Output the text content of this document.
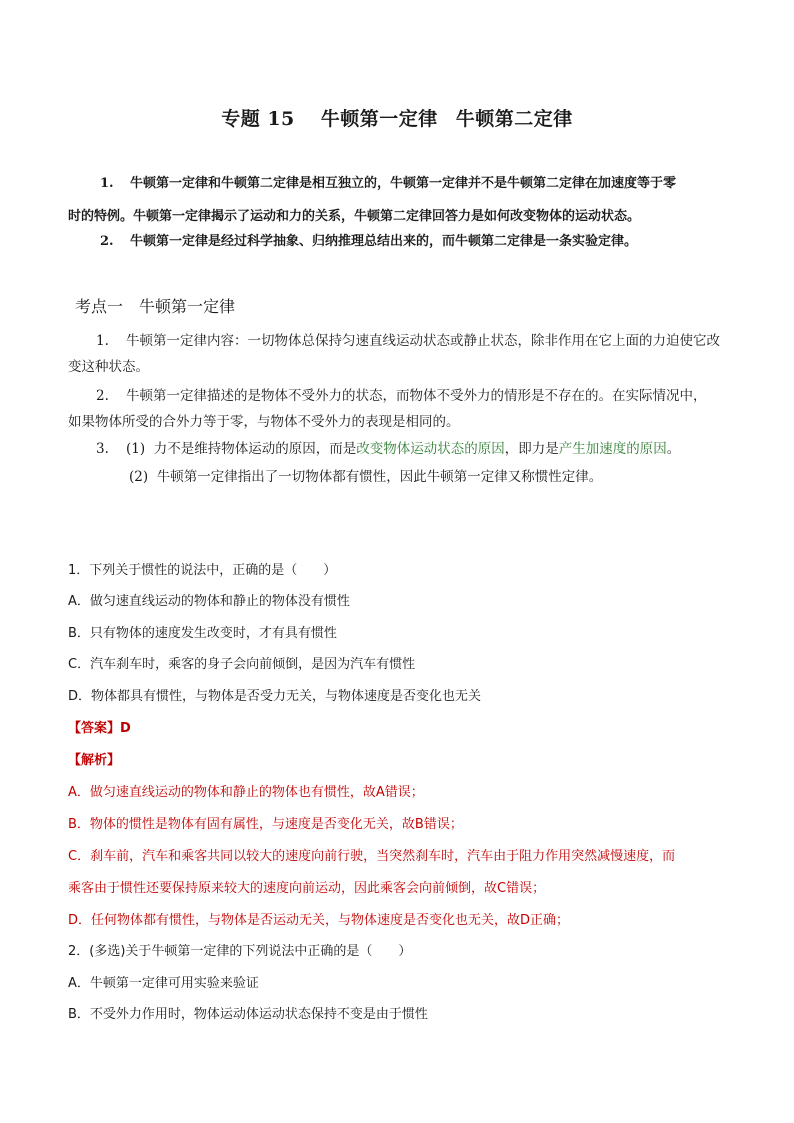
专题 15 牛顿第一定律 牛顿第二定律
1. 牛顿第一定律和牛顿第二定律是相互独立的，牛顿第一定律并不是牛顿第二定律在加速度等于零
时的特例。牛顿第一定律揭示了运动和力的关系，牛顿第二定律回答力是如何改变物体的运动状态。
2. 牛顿第一定律是经过科学抽象、归纳推理总结出来的，而牛顿第二定律是一条实验定律。
考点一 牛顿第一定律
1. 牛顿第一定律内容：一切物体总保持匀速直线运动状态或静止状态，除非作用在它上面的力迫使它改
变这种状态。
2. 牛顿第一定律描述的是物体不受外力的状态，而物体不受外力的情形是不存在的。在实际情况中，
如果物体所受的合外力等于零，与物体不受外力的表现是相同的。
3. (1) 力不是维持物体运动的原因，而是改变物体运动状态的原因，即力是产生加速度的原因。
(2) 牛顿第一定律指出了一切物体都有惯性，因此牛顿第一定律又称惯性定律。
1．下列关于惯性的说法中，正确的是（　　）
A．做匀速直线运动的物体和静止的物体没有惯性
B．只有物体的速度发生改变时，才有具有惯性
C．汽车刹车时，乘客的身子会向前倾倒，是因为汽车有惯性
D．物体都具有惯性，与物体是否受力无关，与物体速度是否变化也无关
【答案】D
【解析】
A．做匀速直线运动的物体和静止的物体也有惯性，故A错误；
B．物体的惯性是物体有固有属性，与速度是否变化无关，故B错误；
C．刹车前，汽车和乘客共同以较大的速度向前行驶，当突然刹车时，汽车由于阻力作用突然减慢速度，而
乘客由于惯性还要保持原来较大的速度向前运动，因此乘客会向前倾倒，故C错误；
D．任何物体都有惯性，与物体是否运动无关，与物体速度是否变化也无关，故D正确；
2．(多选)关于牛顿第一定律的下列说法中正确的是（　　）
A．牛顿第一定律可用实验来验证
B．不受外力作用时，物体运动体运动状态保持不变是由于惯性
